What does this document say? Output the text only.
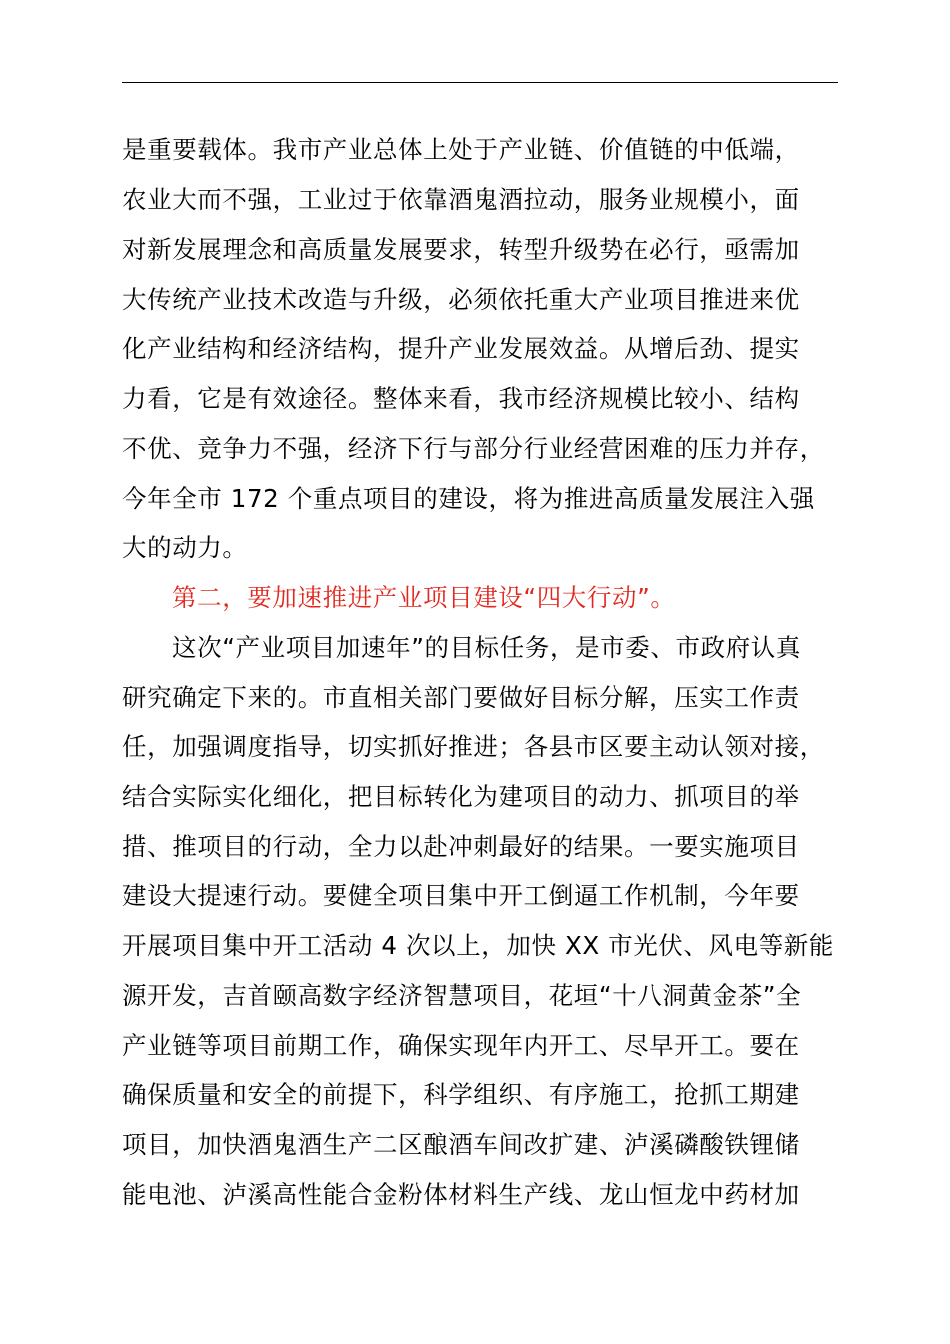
是重要载体。我市产业总体上处于产业链、价值链的中低端，
农业大而不强，工业过于依靠酒鬼酒拉动，服务业规模小，面
对新发展理念和高质量发展要求，转型升级势在必行，亟需加
大传统产业技术改造与升级，必须依托重大产业项目推进来优
化产业结构和经济结构，提升产业发展效益。从增后劲、提实
力看，它是有效途径。整体来看，我市经济规模比较小、结构
不优、竞争力不强，经济下行与部分行业经营困难的压力并存，
今年全市 172 个重点项目的建设，将为推进高质量发展注入强
大的动力。
第二，要加速推进产业项目建设“四大行动”。
这次“产业项目加速年”的目标任务，是市委、市政府认真
研究确定下来的。市直相关部门要做好目标分解，压实工作责
任，加强调度指导，切实抓好推进；各县市区要主动认领对接，
结合实际实化细化，把目标转化为建项目的动力、抓项目的举
措、推项目的行动，全力以赴冲刺最好的结果。一要实施项目
建设大提速行动。要健全项目集中开工倒逼工作机制，今年要
开展项目集中开工活动 4 次以上，加快 XX 市光伏、风电等新能
源开发，吉首颐高数字经济智慧项目，花垣“十八洞黄金茶”全
产业链等项目前期工作，确保实现年内开工、尽早开工。要在
确保质量和安全的前提下，科学组织、有序施工，抢抓工期建
项目，加快酒鬼酒生产二区酿酒车间改扩建、泸溪磷酸铁锂储
能电池、泸溪高性能合金粉体材料生产线、龙山恒龙中药材加
